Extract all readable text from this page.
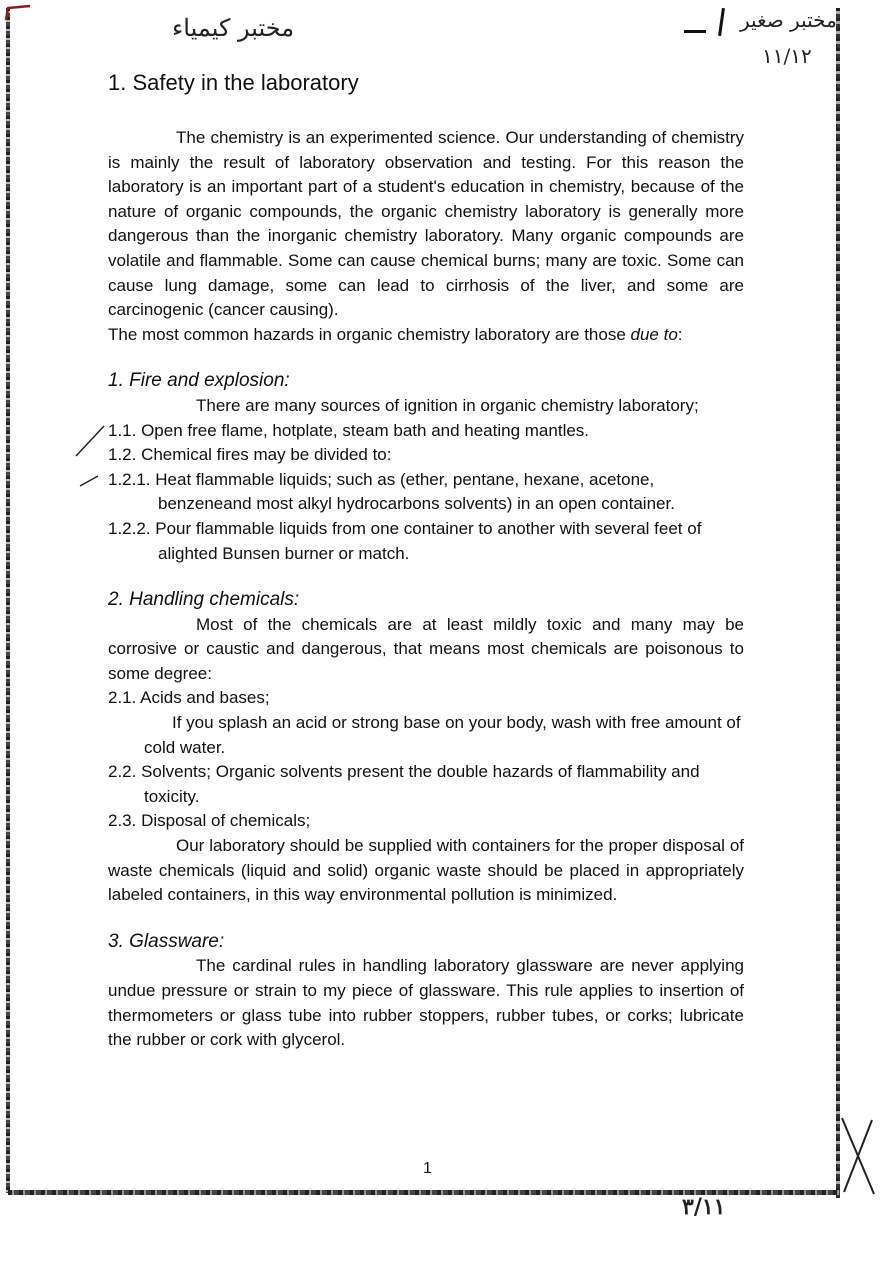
مختبر كيمياء	مختبر صغير
١١/١٢
1. Safety in the laboratory

The chemistry is an experimented science. Our understanding of chemistry is mainly the result of laboratory observation and testing. For this reason the laboratory is an important part of a student's education in chemistry, because of the nature of organic compounds, the organic chemistry laboratory is generally more dangerous than the inorganic chemistry laboratory. Many organic compounds are volatile and flammable. Some can cause chemical burns; many are toxic. Some can cause lung damage, some can lead to cirrhosis of the liver, and some are carcinogenic (cancer causing).

The most common hazards in organic chemistry laboratory are those due to:

1. Fire and explosion:

There are many sources of ignition in organic chemistry laboratory;

1.1. Open free flame, hotplate, steam bath and heating mantles.

1.2. Chemical fires may be divided to:

1.2.1. Heat flammable liquids; such as (ether, pentane, hexane, acetone, benzeneand most alkyl hydrocarbons solvents) in an open container.

1.2.2. Pour flammable liquids from one container to another with several feet of alighted Bunsen burner or match.

2. Handling chemicals:

Most of the chemicals are at least mildly toxic and many may be corrosive or caustic and dangerous, that means most chemicals are poisonous to some degree:

2.1. Acids and bases;

If you splash an acid or strong base on your body, wash with free amount of cold water.

2.2. Solvents; Organic solvents present the double hazards of flammability and toxicity.

2.3. Disposal of chemicals;

Our laboratory should be supplied with containers for the proper disposal of waste chemicals (liquid and solid) organic waste should be placed in appropriately labeled containers, in this way environmental pollution is minimized.

3. Glassware:

The cardinal rules in handling laboratory glassware are never applying undue pressure or strain to my piece of glassware. This rule applies to insertion of thermometers or glass tube into rubber stoppers, rubber tubes, or corks; lubricate the rubber or cork with glycerol.

1
٣/١١
